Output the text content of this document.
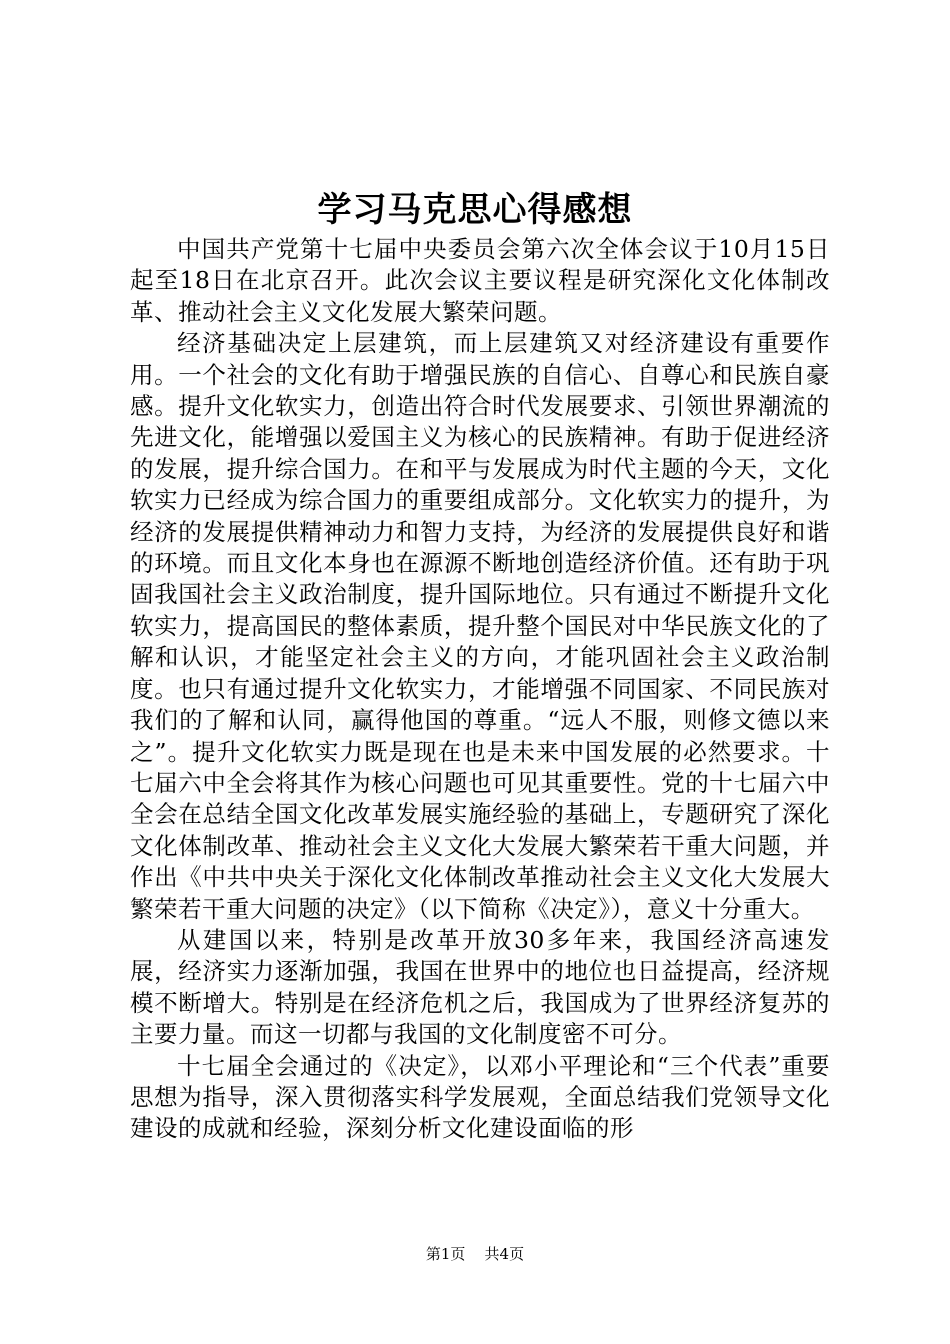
学习马克思心得感想

中国共产党第十七届中央委员会第六次全体会议于10月15日起至18日在北京召开。此次会议主要议程是研究深化文化体制改革、推动社会主义文化发展大繁荣问题。

经济基础决定上层建筑，而上层建筑又对经济建设有重要作用。一个社会的文化有助于增强民族的自信心、自尊心和民族自豪感。提升文化软实力，创造出符合时代发展要求、引领世界潮流的先进文化，能增强以爱国主义为核心的民族精神。有助于促进经济的发展，提升综合国力。在和平与发展成为时代主题的今天，文化软实力已经成为综合国力的重要组成部分。文化软实力的提升，为经济的发展提供精神动力和智力支持，为经济的发展提供良好和谐的环境。而且文化本身也在源源不断地创造经济价值。还有助于巩固我国社会主义政治制度，提升国际地位。只有通过不断提升文化软实力，提高国民的整体素质，提升整个国民对中华民族文化的了解和认识，才能坚定社会主义的方向，才能巩固社会主义政治制度。也只有通过提升文化软实力，才能增强不同国家、不同民族对我们的了解和认同，赢得他国的尊重。“远人不服，则修文德以来之”。提升文化软实力既是现在也是未来中国发展的必然要求。十七届六中全会将其作为核心问题也可见其重要性。党的十七届六中全会在总结全国文化改革发展实施经验的基础上，专题研究了深化文化体制改革、推动社会主义文化大发展大繁荣若干重大问题，并作出《中共中央关于深化文化体制改革推动社会主义文化大发展大繁荣若干重大问题的决定》（以下简称《决定》），意义十分重大。

从建国以来，特别是改革开放30多年来，我国经济高速发展，经济实力逐渐加强，我国在世界中的地位也日益提高，经济规模不断增大。特别是在经济危机之后，我国成为了世界经济复苏的主要力量。而这一切都与我国的文化制度密不可分。

十七届全会通过的《决定》，以邓小平理论和“三个代表”重要思想为指导，深入贯彻落实科学发展观，全面总结我们党领导文化建设的成就和经验，深刻分析文化建设面临的形

第1页 共4页
